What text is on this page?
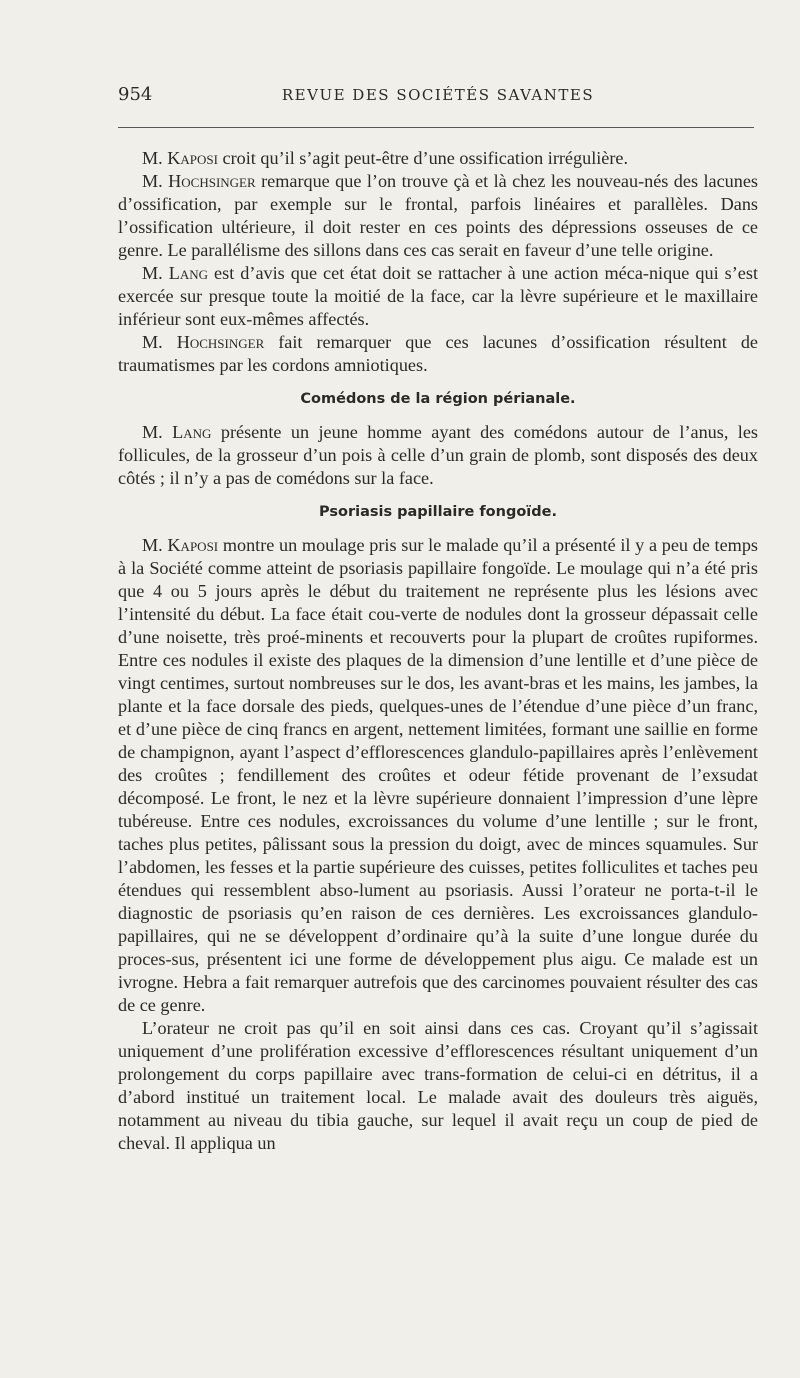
954	REVUE DES SOCIÉTÉS SAVANTES

M. Kaposi croit qu’il s’agit peut-être d’une ossification irrégulière.

M. Hochsinger remarque que l’on trouve çà et là chez les nouveau-nés des lacunes d’ossification, par exemple sur le frontal, parfois linéaires et parallèles. Dans l’ossification ultérieure, il doit rester en ces points des dépressions osseuses de ce genre. Le parallélisme des sillons dans ces cas serait en faveur d’une telle origine.

M. Lang est d’avis que cet état doit se rattacher à une action méca-nique qui s’est exercée sur presque toute la moitié de la face, car la lèvre supérieure et le maxillaire inférieur sont eux-mêmes affectés.

M. Hochsinger fait remarquer que ces lacunes d’ossification résultent de traumatismes par les cordons amniotiques.

Comédons de la région périanale.

M. Lang présente un jeune homme ayant des comédons autour de l’anus, les follicules, de la grosseur d’un pois à celle d’un grain de plomb, sont disposés des deux côtés ; il n’y a pas de comédons sur la face.

Psoriasis papillaire fongoïde.

M. Kaposi montre un moulage pris sur le malade qu’il a présenté il y a peu de temps à la Société comme atteint de psoriasis papillaire fongoïde. Le moulage qui n’a été pris que 4 ou 5 jours après le début du traitement ne représente plus les lésions avec l’intensité du début. La face était cou-verte de nodules dont la grosseur dépassait celle d’une noisette, très proé-minents et recouverts pour la plupart de croûtes rupiformes. Entre ces nodules il existe des plaques de la dimension d’une lentille et d’une pièce de vingt centimes, surtout nombreuses sur le dos, les avant-bras et les mains, les jambes, la plante et la face dorsale des pieds, quelques-unes de l’étendue d’une pièce d’un franc, et d’une pièce de cinq francs en argent, nettement limitées, formant une saillie en forme de champignon, ayant l’aspect d’efflorescences glandulo-papillaires après l’enlèvement des croûtes ; fendillement des croûtes et odeur fétide provenant de l’exsudat décomposé. Le front, le nez et la lèvre supérieure donnaient l’impression d’une lèpre tubéreuse. Entre ces nodules, excroissances du volume d’une lentille ; sur le front, taches plus petites, pâlissant sous la pression du doigt, avec de minces squamules. Sur l’abdomen, les fesses et la partie supérieure des cuisses, petites folliculites et taches peu étendues qui ressemblent abso-lument au psoriasis. Aussi l’orateur ne porta-t-il le diagnostic de psoriasis qu’en raison de ces dernières. Les excroissances glandulo-papillaires, qui ne se développent d’ordinaire qu’à la suite d’une longue durée du proces-sus, présentent ici une forme de développement plus aigu. Ce malade est un ivrogne. Hebra a fait remarquer autrefois que des carcinomes pouvaient résulter des cas de ce genre.

L’orateur ne croit pas qu’il en soit ainsi dans ces cas. Croyant qu’il s’agissait uniquement d’une prolifération excessive d’efflorescences résultant uniquement d’un prolongement du corps papillaire avec trans-formation de celui-ci en détritus, il a d’abord institué un traitement local. Le malade avait des douleurs très aiguës, notamment au niveau du tibia gauche, sur lequel il avait reçu un coup de pied de cheval. Il appliqua un
